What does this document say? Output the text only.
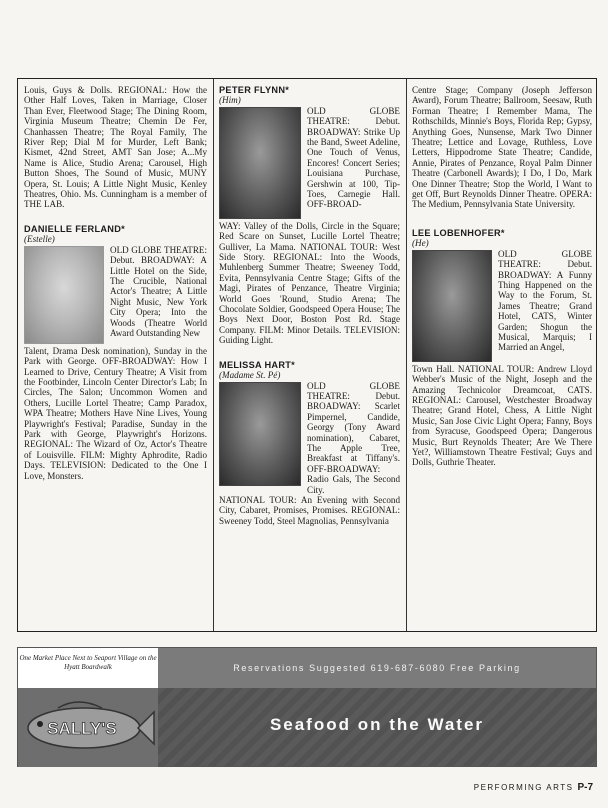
Louis, Guys & Dolls. REGIONAL: How the Other Half Loves, Taken in Marriage, Closer Than Ever, Fleetwood Stage; The Dining Room, Virginia Museum Theatre; Chemin De Fer, Chanhassen Theatre; The Royal Family, The River Rep; Dial M for Murder, Left Bank; Kismet, 42nd Street, AMT San Jose; A...My Name is Alice, Studio Arena; Carousel, High Button Shoes, The Sound of Music, MUNY Opera, St. Louis; A Little Night Music, Kenley Theatres, Ohio. Ms. Cunningham is a member of THE LAB.

DANIELLE FERLAND*

(Estelle)

OLD GLOBE THEATRE: Debut. BROADWAY: A Little Hotel on the Side, The Crucible, National Actor's Theatre; A Little Night Music, New York City Opera; Into the Woods (Theatre World Award Outstanding New

Talent, Drama Desk nomination), Sunday in the Park with George. OFF-BROADWAY: How I Learned to Drive, Century Theatre; A Visit from the Footbinder, Lincoln Center Director's Lab; In Circles, The Salon; Uncommon Women and Others, Lucille Lortel Theatre; Camp Paradox, WPA Theatre; Mothers Have Nine Lives, Young Playwright's Festival; Paradise, Sunday in the Park with George, Playwright's Horizons. REGIONAL: The Wizard of Oz, Actor's Theatre of Louisville. FILM: Mighty Aphrodite, Radio Days. TELEVISION: Dedicated to the One I Love, Monsters.

PETER FLYNN*

(Him)

OLD GLOBE THEATRE: Debut. BROADWAY: Strike Up the Band, Sweet Adeline, One Touch of Venus, Encores! Concert Series; Louisiana Purchase, Gershwin at 100, Tip-Toes, Carnegie Hall. OFF-BROAD-

WAY: Valley of the Dolls, Circle in the Square; Red Scare on Sunset, Lucille Lortel Theatre; Gulliver, La Mama. NATIONAL TOUR: West Side Story. REGIONAL: Into the Woods, Muhlenberg Summer Theatre; Sweeney Todd, Evita, Pennsylvania Centre Stage; Gifts of the Magi, Pirates of Penzance, Theatre Virginia; World Goes 'Round, Studio Arena; The Chocolate Soldier, Goodspeed Opera House; The Boys Next Door, Boston Post Rd. Stage Company. FILM: Minor Details. TELEVISION: Guiding Light.

MELISSA HART*

(Madame St. Pé)

OLD GLOBE THEATRE: Debut. BROADWAY: Scarlet Pimpernel, Candide, Georgy (Tony Award nomination), Cabaret, The Apple Tree, Breakfast at Tiffany's. OFF-BROADWAY: Radio Gals, The Second City.

NATIONAL TOUR: An Evening with Second City, Cabaret, Promises, Promises. REGIONAL: Sweeney Todd, Steel Magnolias, Pennsylvania

Centre Stage; Company (Joseph Jefferson Award), Forum Theatre; Ballroom, Seesaw, Ruth Forman Theatre; I Remember Mama, The Rothschilds, Minnie's Boys, Florida Rep; Gypsy, Anything Goes, Nunsense, Mark Two Dinner Theatre; Lettice and Lovage, Ruthless, Love Letters, Hippodrome State Theatre; Candide, Annie, Pirates of Penzance, Royal Palm Dinner Theatre (Carbonell Awards); I Do, I Do, Mark One Dinner Theatre; Stop the World, I Want to get Off, Burt Reynolds Dinner Theatre. OPERA: The Medium, Pennsylvania State University.

LEE LOBENHOFER*

(He)

OLD GLOBE THEATRE: Debut. BROADWAY: A Funny Thing Happened on the Way to the Forum, St. James Theatre; Grand Hotel, CATS, Winter Garden; Shogun the Musical, Marquis; I Married an Angel,

Town Hall. NATIONAL TOUR: Andrew Lloyd Webber's Music of the Night, Joseph and the Amazing Technicolor Dreamcoat, CATS. REGIONAL: Carousel, Westchester Broadway Theatre; Grand Hotel, Chess, A Little Night Music, San Jose Civic Light Opera; Fanny, Boys from Syracuse, Goodspeed Opera; Dangerous Music, Burt Reynolds Theater; Are We There Yet?, Williamstown Theatre Festival; Guys and Dolls, Guthrie Theater.

One Market Place Next to Seaport Village on the Hyatt Boardwalk
SALLY'S
Reservations Suggested 619-687-6080 Free Parking
Seafood on the Water
PERFORMING ARTS P-7
